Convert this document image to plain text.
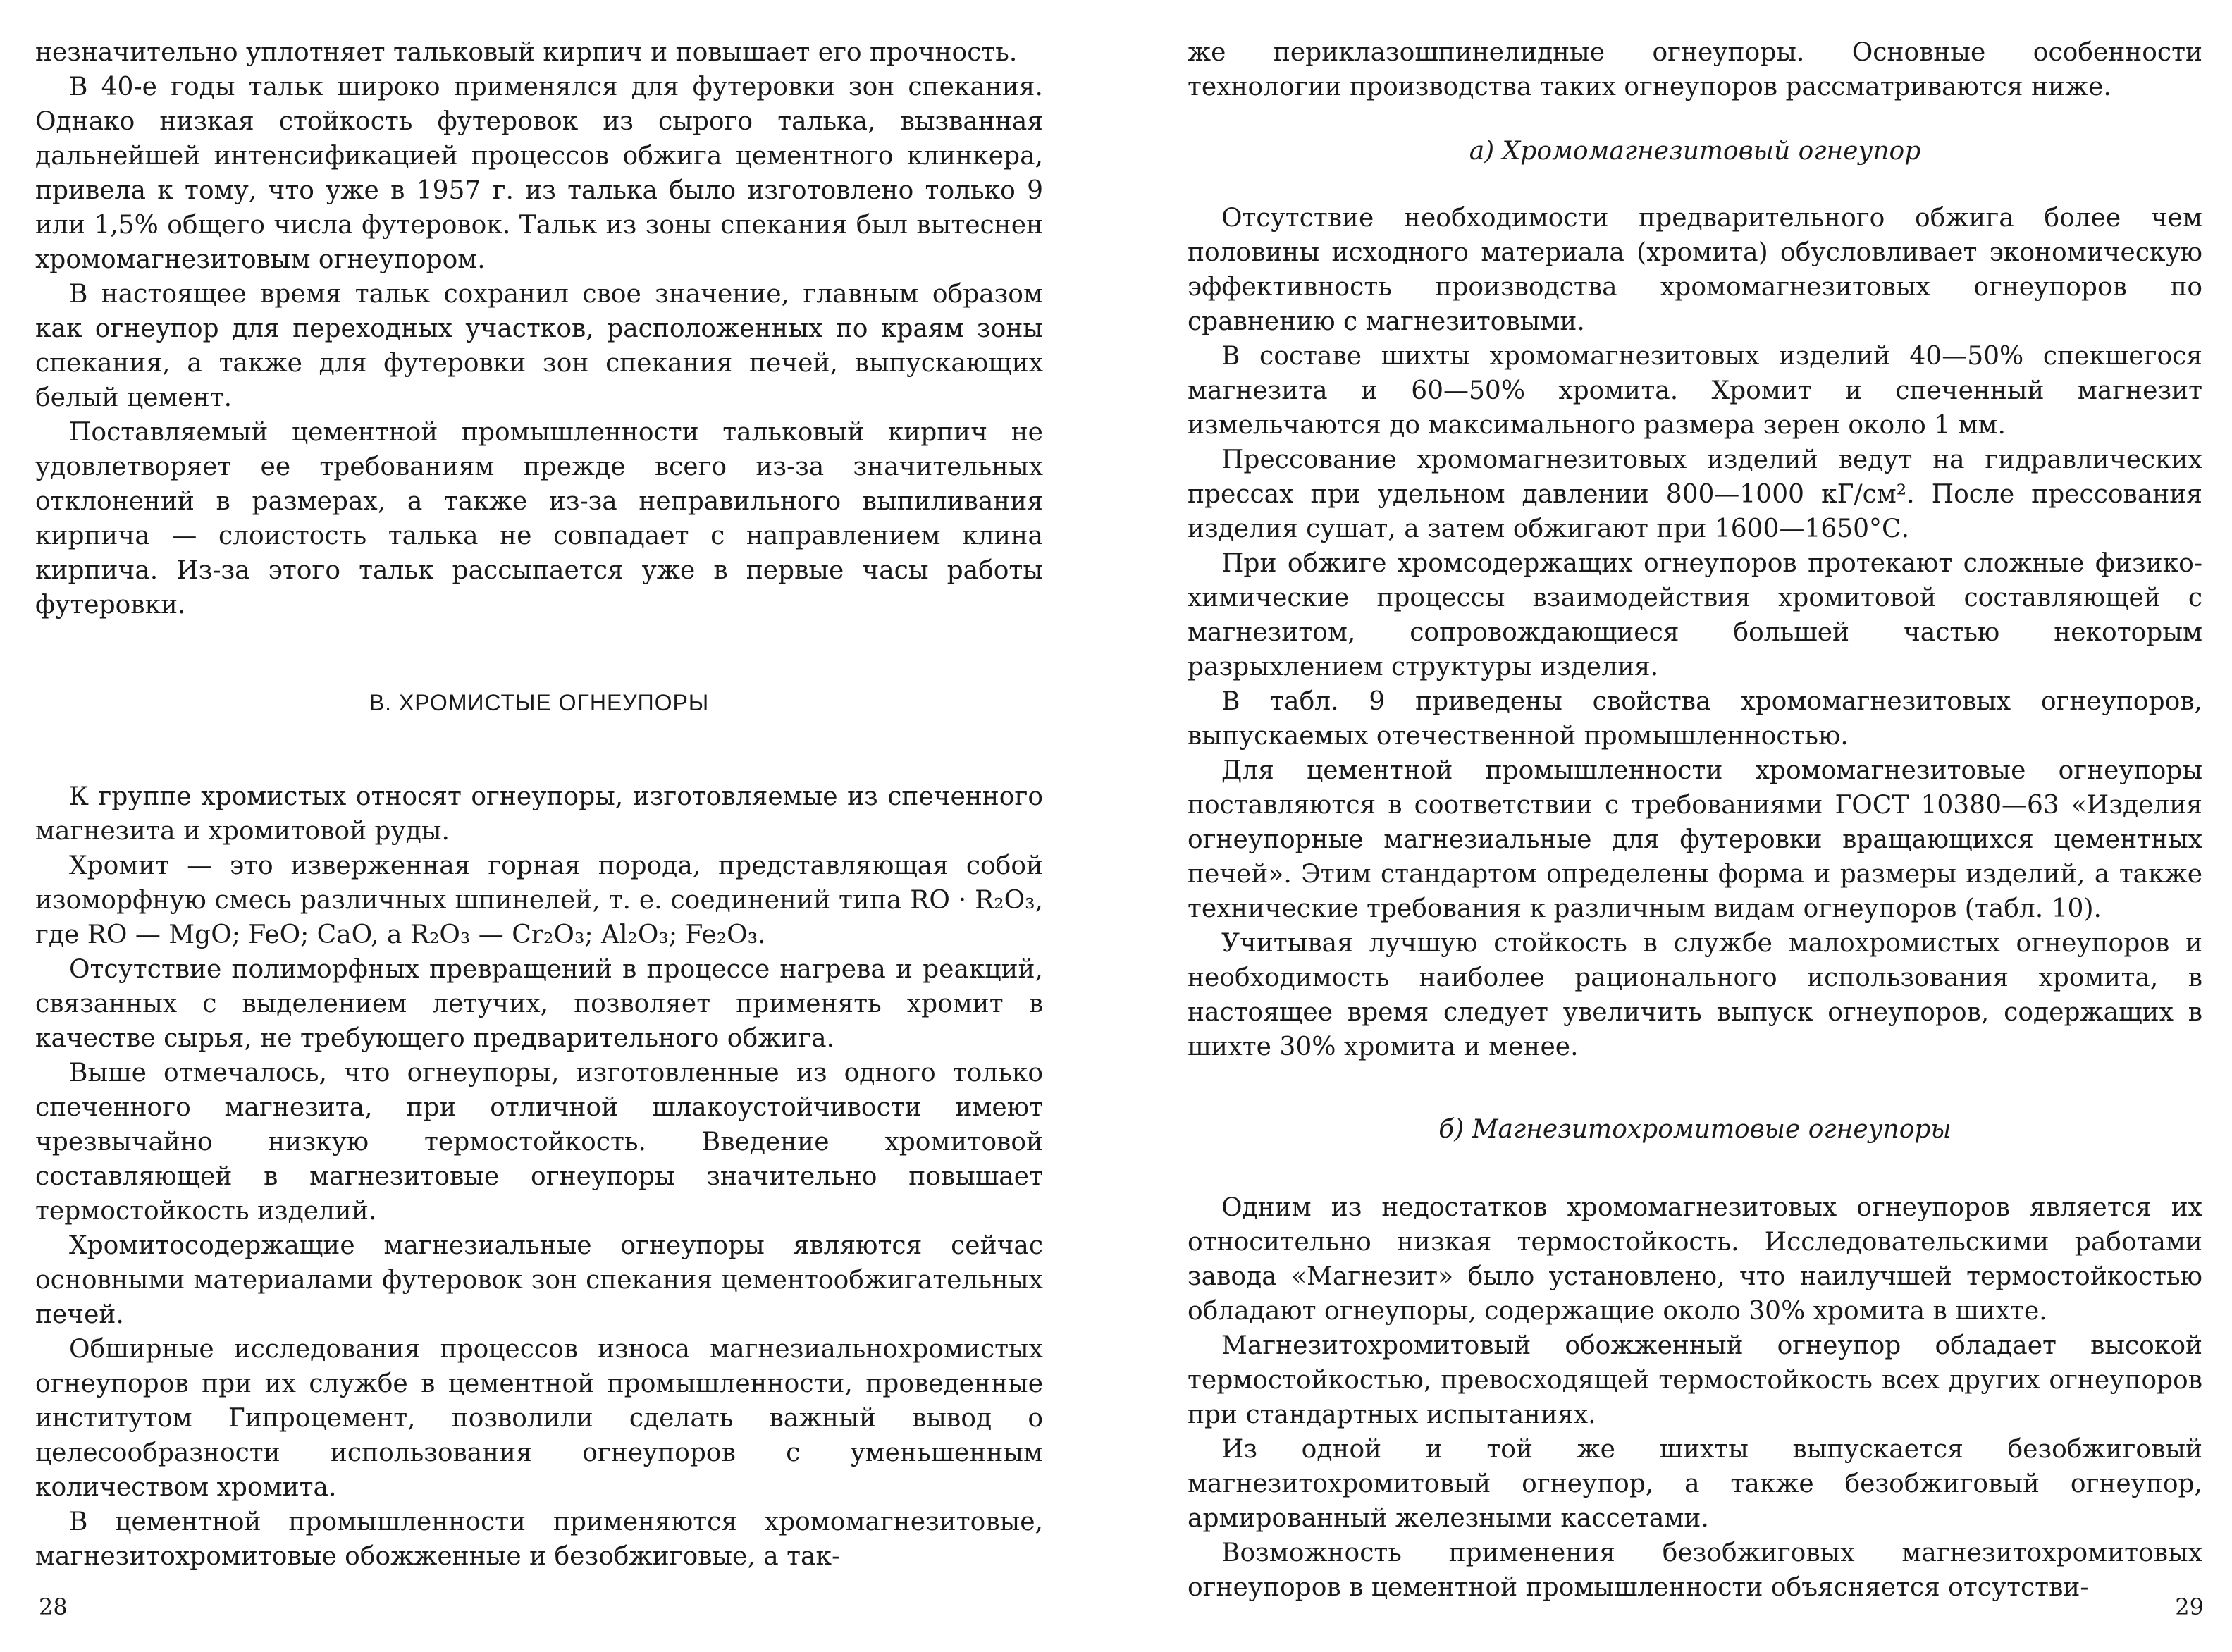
незначительно уплотняет тальковый кирпич и повышает его прочность.

В 40-е годы тальк широко применялся для футеровки зон спекания. Однако низкая стойкость футеровок из сырого талька, вызванная дальнейшей интенсификацией процессов обжига цементного клинкера, привела к тому, что уже в 1957 г. из талька было изготовлено только 9 или 1,5% общего числа футеровок. Тальк из зоны спекания был вытеснен хромомагнезитовым огнеупором.

В настоящее время тальк сохранил свое значение, главным образом как огнеупор для переходных участков, расположенных по краям зоны спекания, а также для футеровки зон спекания печей, выпускающих белый цемент.

Поставляемый цементной промышленности тальковый кирпич не удовлетворяет ее требованиям прежде всего из-за значительных отклонений в размерах, а также из-за неправильного выпиливания кирпича — слоистость талька не совпадает с направлением клина кирпича. Из-за этого тальк рассыпается уже в первые часы работы футеровки.

В. ХРОМИСТЫЕ ОГНЕУПОРЫ

К группе хромистых относят огнеупоры, изготовляемые из спеченного магнезита и хромитовой руды.

Хромит — это изверженная горная порода, представляющая собой изоморфную смесь различных шпинелей, т. е. соединений типа RO · R₂O₃, где RO — MgO; FeO; CaO, а R₂O₃ — Cr₂O₃; Al₂O₃; Fe₂O₃.

Отсутствие полиморфных превращений в процессе нагрева и реакций, связанных с выделением летучих, позволяет применять хромит в качестве сырья, не требующего предварительного обжига.

Выше отмечалось, что огнеупоры, изготовленные из одного только спеченного магнезита, при отличной шлакоустойчивости имеют чрезвычайно низкую термостойкость. Введение хромитовой составляющей в магнезитовые огнеупоры значительно повышает термостойкость изделий.

Хромитосодержащие магнезиальные огнеупоры являются сейчас основными материалами футеровок зон спекания цементообжигательных печей.

Обширные исследования процессов износа магнезиальнохромистых огнеупоров при их службе в цементной промышленности, проведенные институтом Гипроцемент, позволили сделать важный вывод о целесообразности использования огнеупоров с уменьшенным количеством хромита.

В цементной промышленности применяются хромомагнезитовые, магнезитохромитовые обожженные и безобжиговые, а так-

28

же периклазошпинелидные огнеупоры. Основные особенности технологии производства таких огнеупоров рассматриваются ниже.

а) Хромомагнезитовый огнеупор

Отсутствие необходимости предварительного обжига более чем половины исходного материала (хромита) обусловливает экономическую эффективность производства хромомагнезитовых огнеупоров по сравнению с магнезитовыми.

В составе шихты хромомагнезитовых изделий 40—50% спекшегося магнезита и 60—50% хромита. Хромит и спеченный магнезит измельчаются до максимального размера зерен около 1 мм.

Прессование хромомагнезитовых изделий ведут на гидравлических прессах при удельном давлении 800—1000 кГ/см². После прессования изделия сушат, а затем обжигают при 1600—1650°С.

При обжиге хромсодержащих огнеупоров протекают сложные физико-химические процессы взаимодействия хромитовой составляющей с магнезитом, сопровождающиеся большей частью некоторым разрыхлением структуры изделия.

В табл. 9 приведены свойства хромомагнезитовых огнеупоров, выпускаемых отечественной промышленностью.

Для цементной промышленности хромомагнезитовые огнеупоры поставляются в соответствии с требованиями ГОСТ 10380—63 «Изделия огнеупорные магнезиальные для футеровки вращающихся цементных печей». Этим стандартом определены форма и размеры изделий, а также технические требования к различным видам огнеупоров (табл. 10).

Учитывая лучшую стойкость в службе малохромистых огнеупоров и необходимость наиболее рационального использования хромита, в настоящее время следует увеличить выпуск огнеупоров, содержащих в шихте 30% хромита и менее.

б) Магнезитохромитовые огнеупоры

Одним из недостатков хромомагнезитовых огнеупоров является их относительно низкая термостойкость. Исследовательскими работами завода «Магнезит» было установлено, что наилучшей термостойкостью обладают огнеупоры, содержащие около 30% хромита в шихте.

Магнезитохромитовый обожженный огнеупор обладает высокой термостойкостью, превосходящей термостойкость всех других огнеупоров при стандартных испытаниях.

Из одной и той же шихты выпускается безобжиговый магнезитохромитовый огнеупор, а также безобжиговый огнеупор, армированный железными кассетами.

Возможность применения безобжиговых магнезитохромитовых огнеупоров в цементной промышленности объясняется отсутстви-

29
